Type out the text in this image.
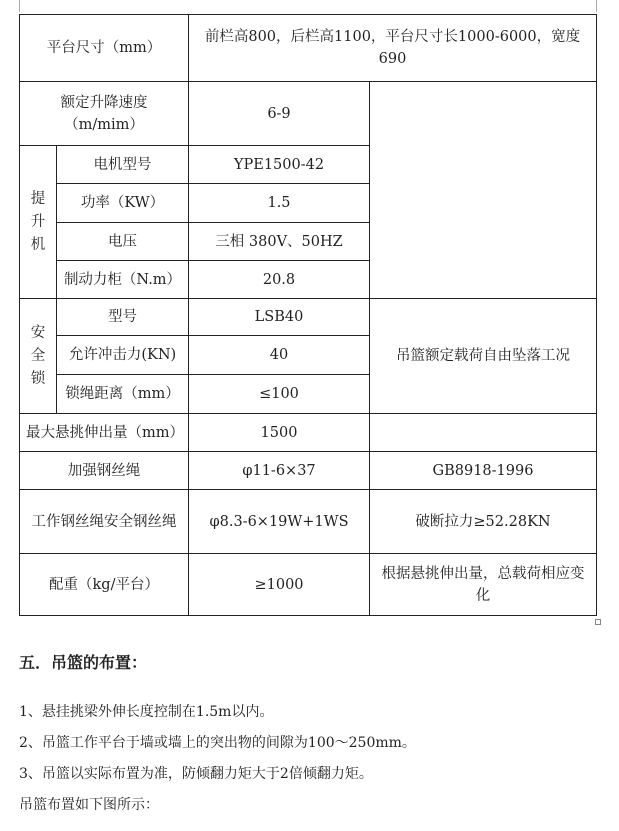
平台尺寸（mm）		前栏高800，后栏高1100，平台尺寸长1000-6000，宽度690	
额定升降速度（m/mim）		6-9	

提升机	电机型号	YPE1500-42	
	功率（KW）	1.5	
	电压	三相 380V、50HZ	
	制动力柜（N.m）	20.8	

安全锁	型号	LSB40	吊篮额定载荷自由坠落工况
	允许冲击力(KN)	40	
	锁绳距离（mm）	≤100	
最大悬挑伸出量（mm）		1500	
加强钢丝绳		φ11-6×37	GB8918-1996
工作钢丝绳安全钢丝绳		φ8.3-6×19W+1WS	破断拉力≥52.28KN
配重（kg/平台）		≥1000	根据悬挑伸出量，总载荷相应变化
五．吊篮的布置：
1、悬挂挑梁外伸长度控制在1.5m以内。
2、吊篮工作平台于墙或墙上的突出物的间隙为100～250mm。
3、吊篮以实际布置为准，防倾翻力矩大于2倍倾翻力矩。
吊篮布置如下图所示：
